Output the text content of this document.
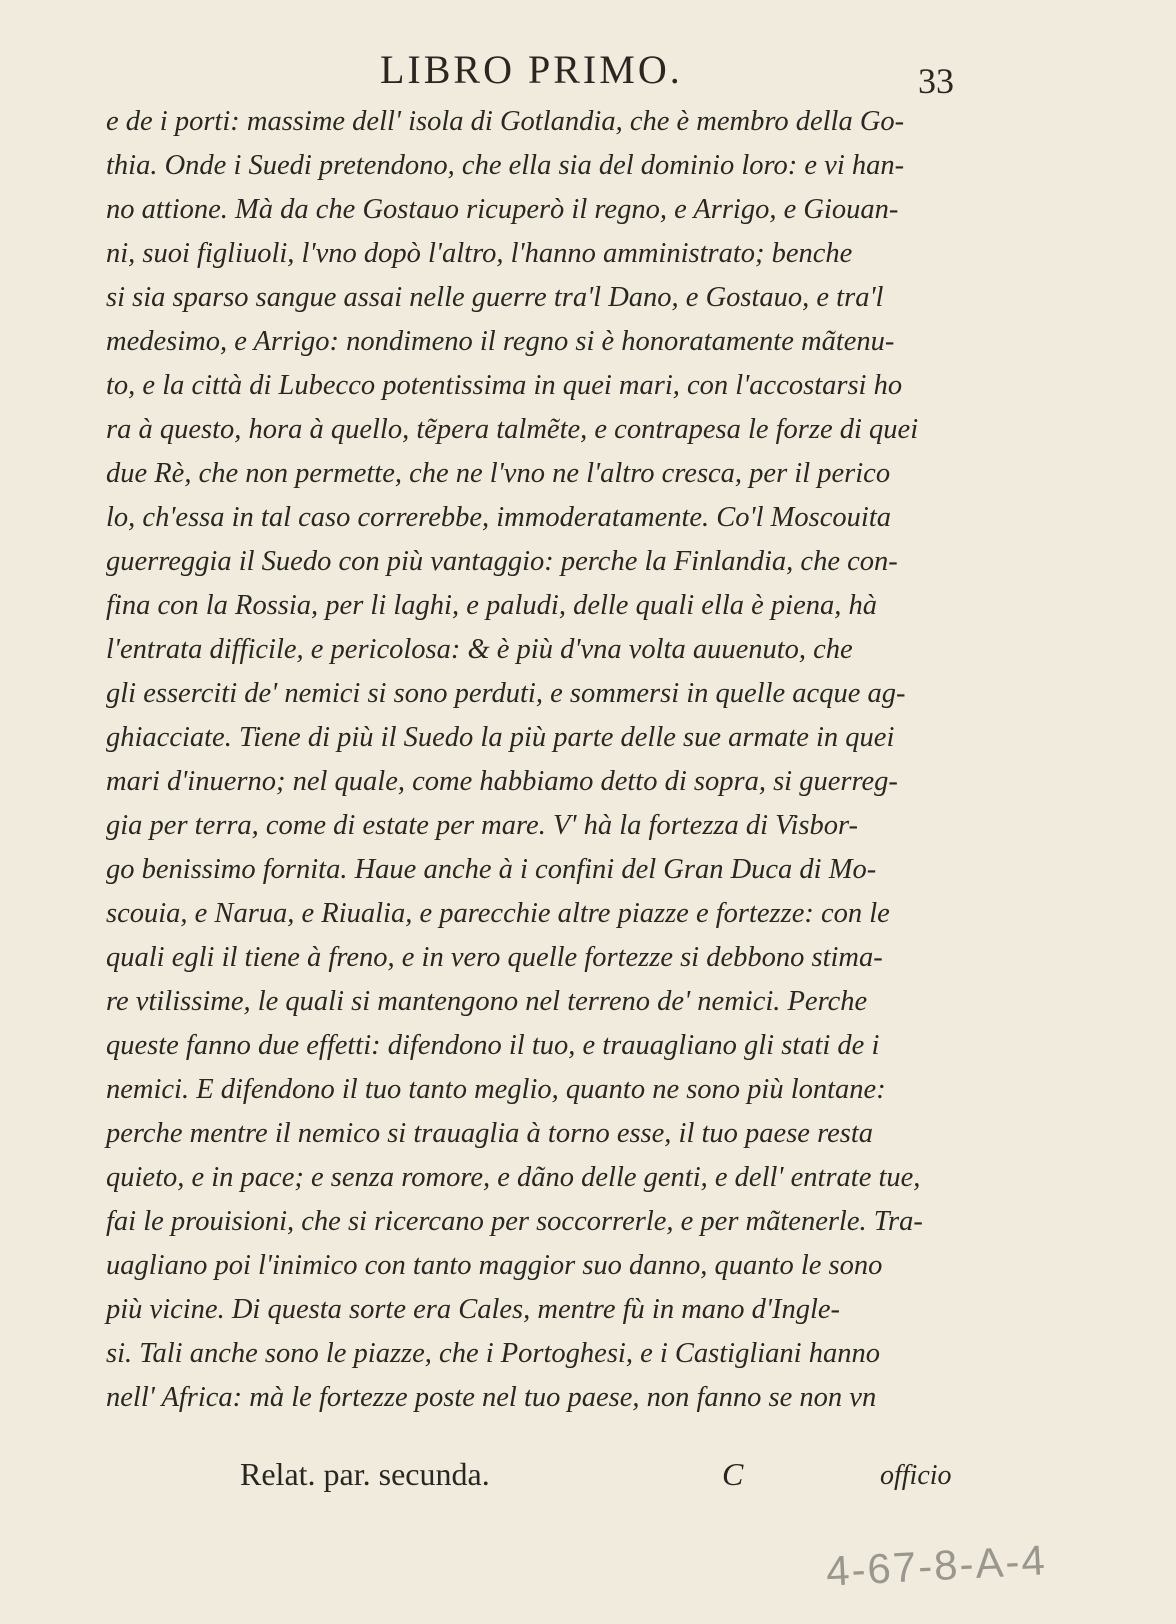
LIBRO PRIMO.	33
e de i porti: massime dell' isola di Gotlandia, che è membro della Go-
thia. Onde i Suedi pretendono, che ella sia del dominio loro: e vi han-
no attione. Mà da che Gostauo ricuperò il regno, e Arrigo, e Giouan-
ni, suoi figliuoli, l'vno dopò l'altro, l'hanno amministrato; benche
si sia sparso sangue assai nelle guerre tra'l Dano, e Gostauo, e tra'l
medesimo, e Arrigo: nondimeno il regno si è honoratamente mãtenu-
to, e la città di Lubecco potentissima in quei mari, con l'accostarsi ho
ra à questo, hora à quello, tẽpera talmẽte, e contrapesa le forze di quei
due Rè, che non permette, che ne l'vno ne l'altro cresca, per il perico
lo, ch'essa in tal caso correrebbe, immoderatamente. Co'l Moscouita
guerreggia il Suedo con più vantaggio: perche la Finlandia, che con-
fina con la Rossia, per li laghi, e paludi, delle quali ella è piena, hà
l'entrata difficile, e pericolosa: & è più d'vna volta auuenuto, che
gli esserciti de' nemici si sono perduti, e sommersi in quelle acque ag-
ghiacciate. Tiene di più il Suedo la più parte delle sue armate in quei
mari d'inuerno; nel quale, come habbiamo detto di sopra, si guerreg-
gia per terra, come di estate per mare. V' hà la fortezza di Visbor-
go benissimo fornita. Haue anche à i confini del Gran Duca di Mo-
scouia, e Narua, e Riualia, e parecchie altre piazze e fortezze: con le
quali egli il tiene à freno, e in vero quelle fortezze si debbono stima-
re vtilissime, le quali si mantengono nel terreno de' nemici. Perche
queste fanno due effetti: difendono il tuo, e trauagliano gli stati de i
nemici. E difendono il tuo tanto meglio, quanto ne sono più lontane:
perche mentre il nemico si trauaglia à torno esse, il tuo paese resta
quieto, e in pace; e senza romore, e dãno delle genti, e dell' entrate tue,
fai le prouisioni, che si ricercano per soccorrerle, e per mãtenerle. Tra-
uagliano poi l'inimico con tanto maggior suo danno, quanto le sono
più vicine. Di questa sorte era Cales, mentre fù in mano d'Ingle-
si. Tali anche sono le piazze, che i Portoghesi, e i Castigliani hanno
nell' Africa: mà le fortezze poste nel tuo paese, non fanno se non vn
Relat. par. secunda.	C	officio
4-67-8-A-4
